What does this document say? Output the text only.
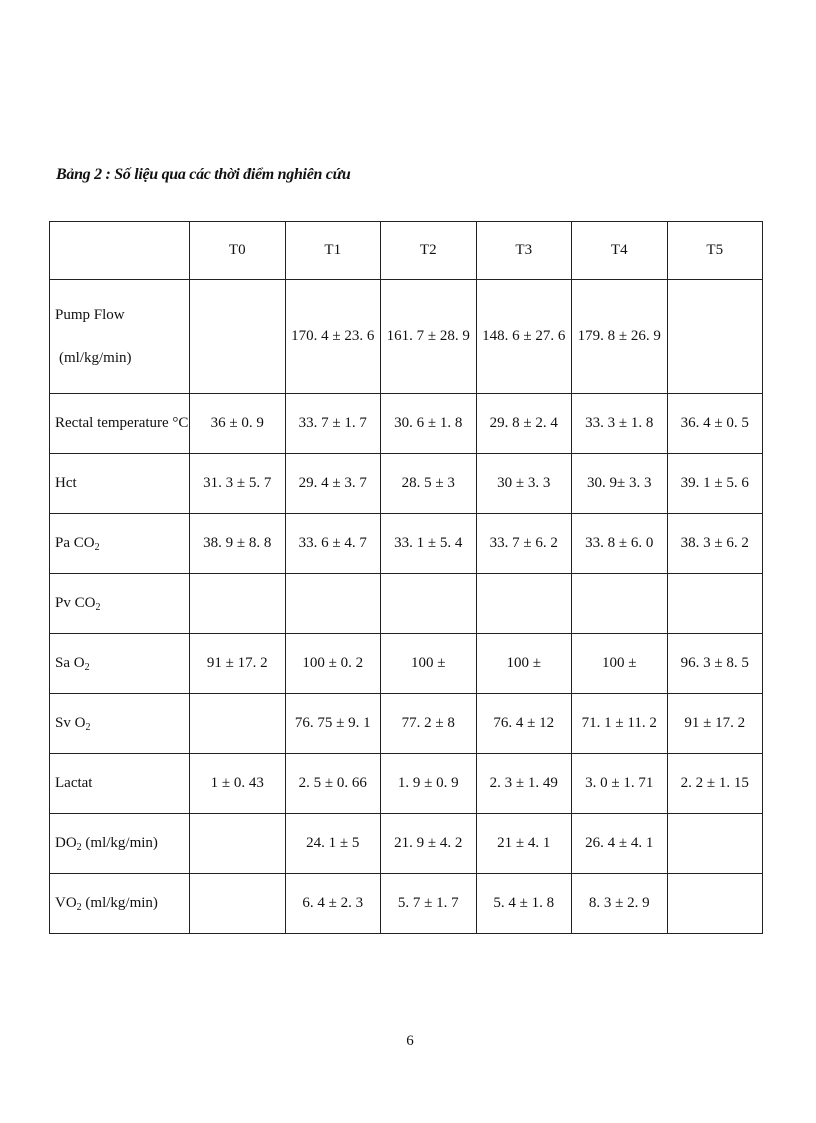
Bảng 2 : Số liệu qua các thời điểm nghiên cứu
	T0	T1	T2	T3	T4	T5

Pump Flow
(ml/kg/min)		170. 4 ± 23. 6	161. 7 ± 28. 9	148. 6 ± 27. 6	179. 8 ± 26. 9	
Rectal temperature °C	36 ± 0. 9	33. 7 ± 1. 7	30. 6 ± 1. 8	29. 8 ± 2. 4	33. 3 ± 1. 8	36. 4 ± 0. 5
Hct	31. 3 ± 5. 7	29. 4 ± 3. 7	28. 5 ± 3	30 ± 3. 3	30. 9± 3. 3	39. 1 ± 5. 6
Pa $CO_2$	38. 9 ± 8. 8	33. 6 ± 4. 7	33. 1 ± 5. 4	33. 7 ± 6. 2	33. 8 ± 6. 0	38. 3 ± 6. 2
Pv $CO_2$						
Sa $O_2$	91 ± 17. 2	100 ± 0. 2	100 ±	100 ±	100 ±	96. 3 ± 8. 5
Sv $O_2$		76. 75 ± 9. 1	77. 2 ± 8	76. 4 ± 12	71. 1 ± 11. 2	91 ± 17. 2
Lactat	1 ± 0. 43	2. 5 ± 0. 66	1. 9 ± 0. 9	2. 3 ± 1. 49	3. 0 ± 1. 71	2. 2 ± 1. 15
$DO_2$ (ml/kg/min)		24. 1 ± 5	21. 9 ± 4. 2	21 ± 4. 1	26. 4 ± 4. 1	
$VO_2$ (ml/kg/min)		6. 4 ± 2. 3	5. 7 ± 1. 7	5. 4 ± 1. 8	8. 3 ± 2. 9	
6
